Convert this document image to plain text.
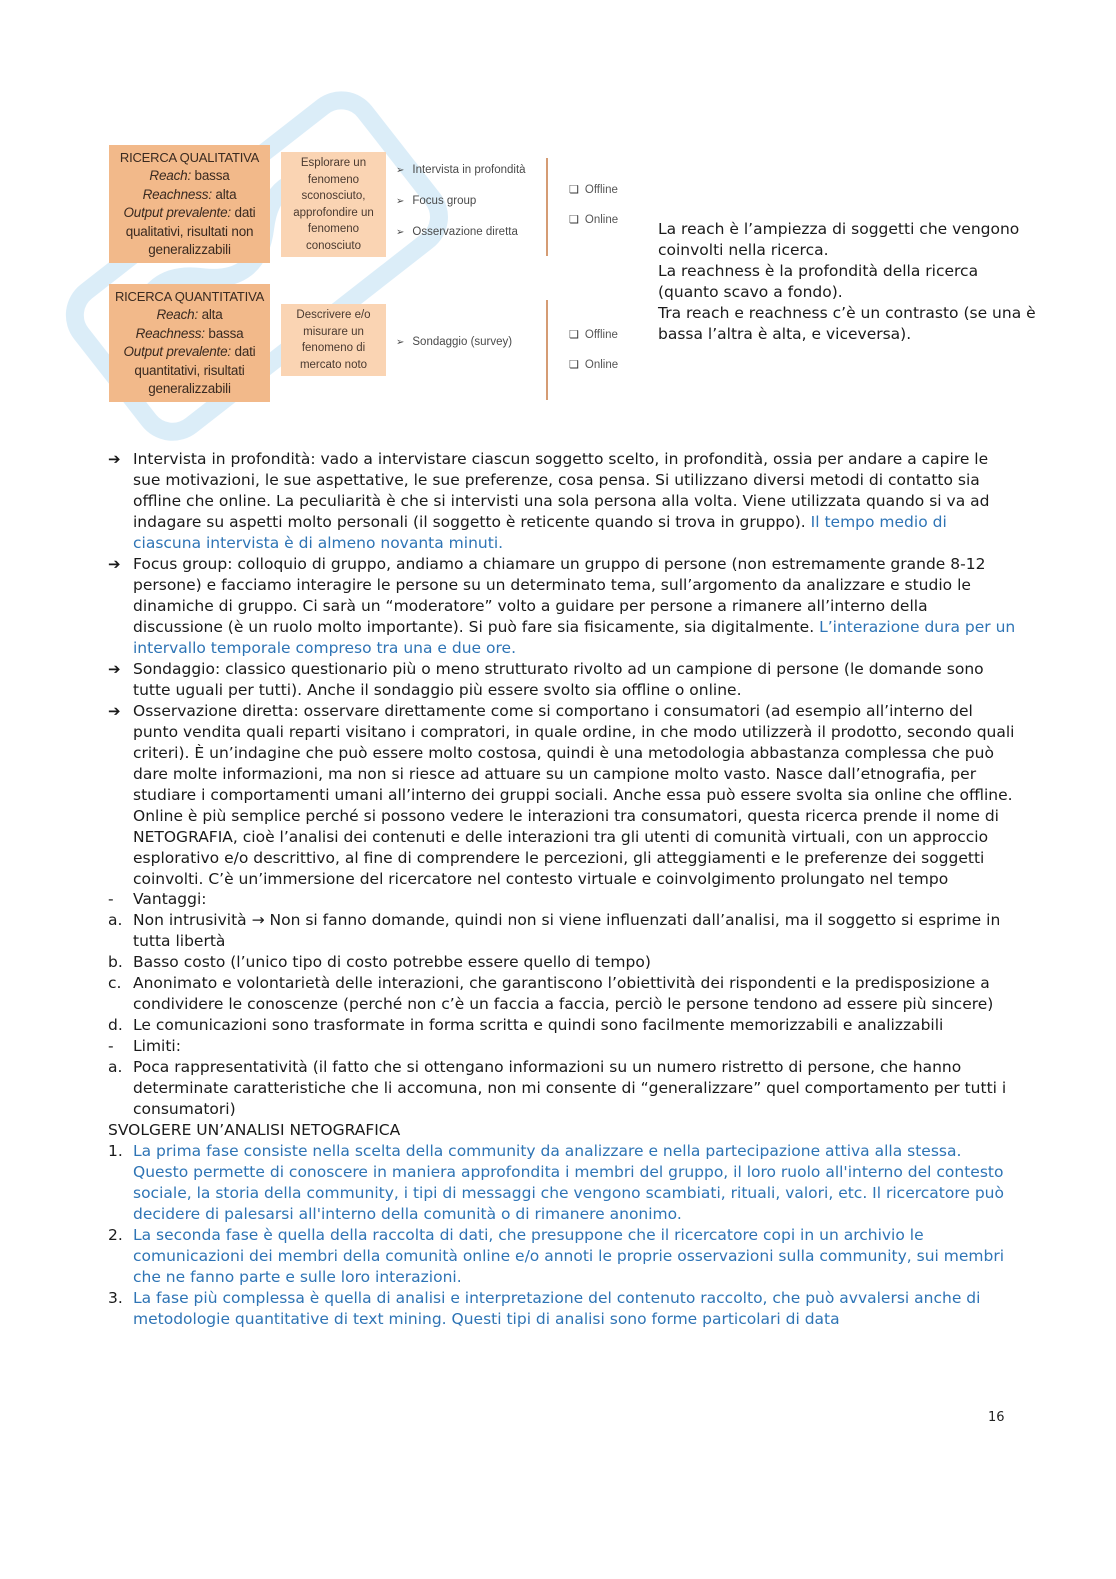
RICERCA QUALITATIVA
Reach: bassa
Reachness: alta
Output prevalente: dati qualitativi, risultati non generalizzabili
Esplorare un fenomeno sconosciuto, approfondire un fenomeno conosciuto
➢ Intervista in profondità
➢ Focus group
➢ Osservazione diretta
❏ Offline
❏ Online
RICERCA QUANTITATIVA
Reach: alta
Reachness: bassa
Output prevalente: dati quantitativi, risultati generalizzabili
Descrivere e/o misurare un fenomeno di mercato noto
➢ Sondaggio (survey)
❏ Offline
❏ Online

La reach è l’ampiezza di soggetti che vengono coinvolti nella ricerca.

La reachness è la profondità della ricerca (quanto scavo a fondo).

Tra reach e reachness c’è un contrasto (se una è bassa l’altra è alta, e viceversa).

➔ Intervista in profondità: vado a intervistare ciascun soggetto scelto, in profondità, ossia per andare a capire le sue motivazioni, le sue aspettative, le sue preferenze, cosa pensa. Si utilizzano diversi metodi di contatto sia offline che online. La peculiarità è che si intervisti una sola persona alla volta. Viene utilizzata quando si va ad indagare su aspetti molto personali (il soggetto è reticente quando si trova in gruppo). Il tempo medio di ciascuna intervista è di almeno novanta minuti.
➔ Focus group: colloquio di gruppo, andiamo a chiamare un gruppo di persone (non estremamente grande 8-12 persone) e facciamo interagire le persone su un determinato tema, sull’argomento da analizzare e studio le dinamiche di gruppo. Ci sarà un “moderatore” volto a guidare per persone a rimanere all’interno della discussione (è un ruolo molto importante). Si può fare sia fisicamente, sia digitalmente. L’interazione dura per un intervallo temporale compreso tra una e due ore.
➔ Sondaggio: classico questionario più o meno strutturato rivolto ad un campione di persone (le domande sono tutte uguali per tutti). Anche il sondaggio più essere svolto sia offline o online.
➔ Osservazione diretta: osservare direttamente come si comportano i consumatori (ad esempio all’interno del punto vendita quali reparti visitano i compratori, in quale ordine, in che modo utilizzerà il prodotto, secondo quali criteri). È un’indagine che può essere molto costosa, quindi è una metodologia abbastanza complessa che può dare molte informazioni, ma non si riesce ad attuare su un campione molto vasto. Nasce dall’etnografia, per studiare i comportamenti umani all’interno dei gruppi sociali. Anche essa può essere svolta sia online che offline. Online è più semplice perché si possono vedere le interazioni tra consumatori, questa ricerca prende il nome di NETOGRAFIA, cioè l’analisi dei contenuti e delle interazioni tra gli utenti di comunità virtuali, con un approccio esplorativo e/o descrittivo, al fine di comprendere le percezioni, gli atteggiamenti e le preferenze dei soggetti coinvolti. C’è un’immersione del ricercatore nel contesto virtuale e coinvolgimento prolungato nel tempo
-	Vantaggi:
a. Non intrusività → Non si fanno domande, quindi non si viene influenzati dall’analisi, ma il soggetto si esprime in tutta libertà
b. Basso costo (l’unico tipo di costo potrebbe essere quello di tempo)
c. Anonimato e volontarietà delle interazioni, che garantiscono l’obiettività dei rispondenti e la predisposizione a condividere le conoscenze (perché non c’è un faccia a faccia, perciò le persone tendono ad essere più sincere)
d. Le comunicazioni sono trasformate in forma scritta e quindi sono facilmente memorizzabili e analizzabili
-	Limiti:
a. Poca rappresentatività (il fatto che si ottengano informazioni su un numero ristretto di persone, che hanno determinate caratteristiche che li accomuna, non mi consente di “generalizzare” quel comportamento per tutti i consumatori)

SVOLGERE UN’ANALISI NETOGRAFICA

1. La prima fase consiste nella scelta della community da analizzare e nella partecipazione attiva alla stessa. Questo permette di conoscere in maniera approfondita i membri del gruppo, il loro ruolo all'interno del contesto sociale, la storia della community, i tipi di messaggi che vengono scambiati, rituali, valori, etc. Il ricercatore può decidere di palesarsi all'interno della comunità o di rimanere anonimo.
2. La seconda fase è quella della raccolta di dati, che presuppone che il ricercatore copi in un archivio le comunicazioni dei membri della comunità online e/o annoti le proprie osservazioni sulla community, sui membri che ne fanno parte e sulle loro interazioni.
3. La fase più complessa è quella di analisi e interpretazione del contenuto raccolto, che può avvalersi anche di metodologie quantitative di text mining. Questi tipi di analisi sono forme particolari di data
16
